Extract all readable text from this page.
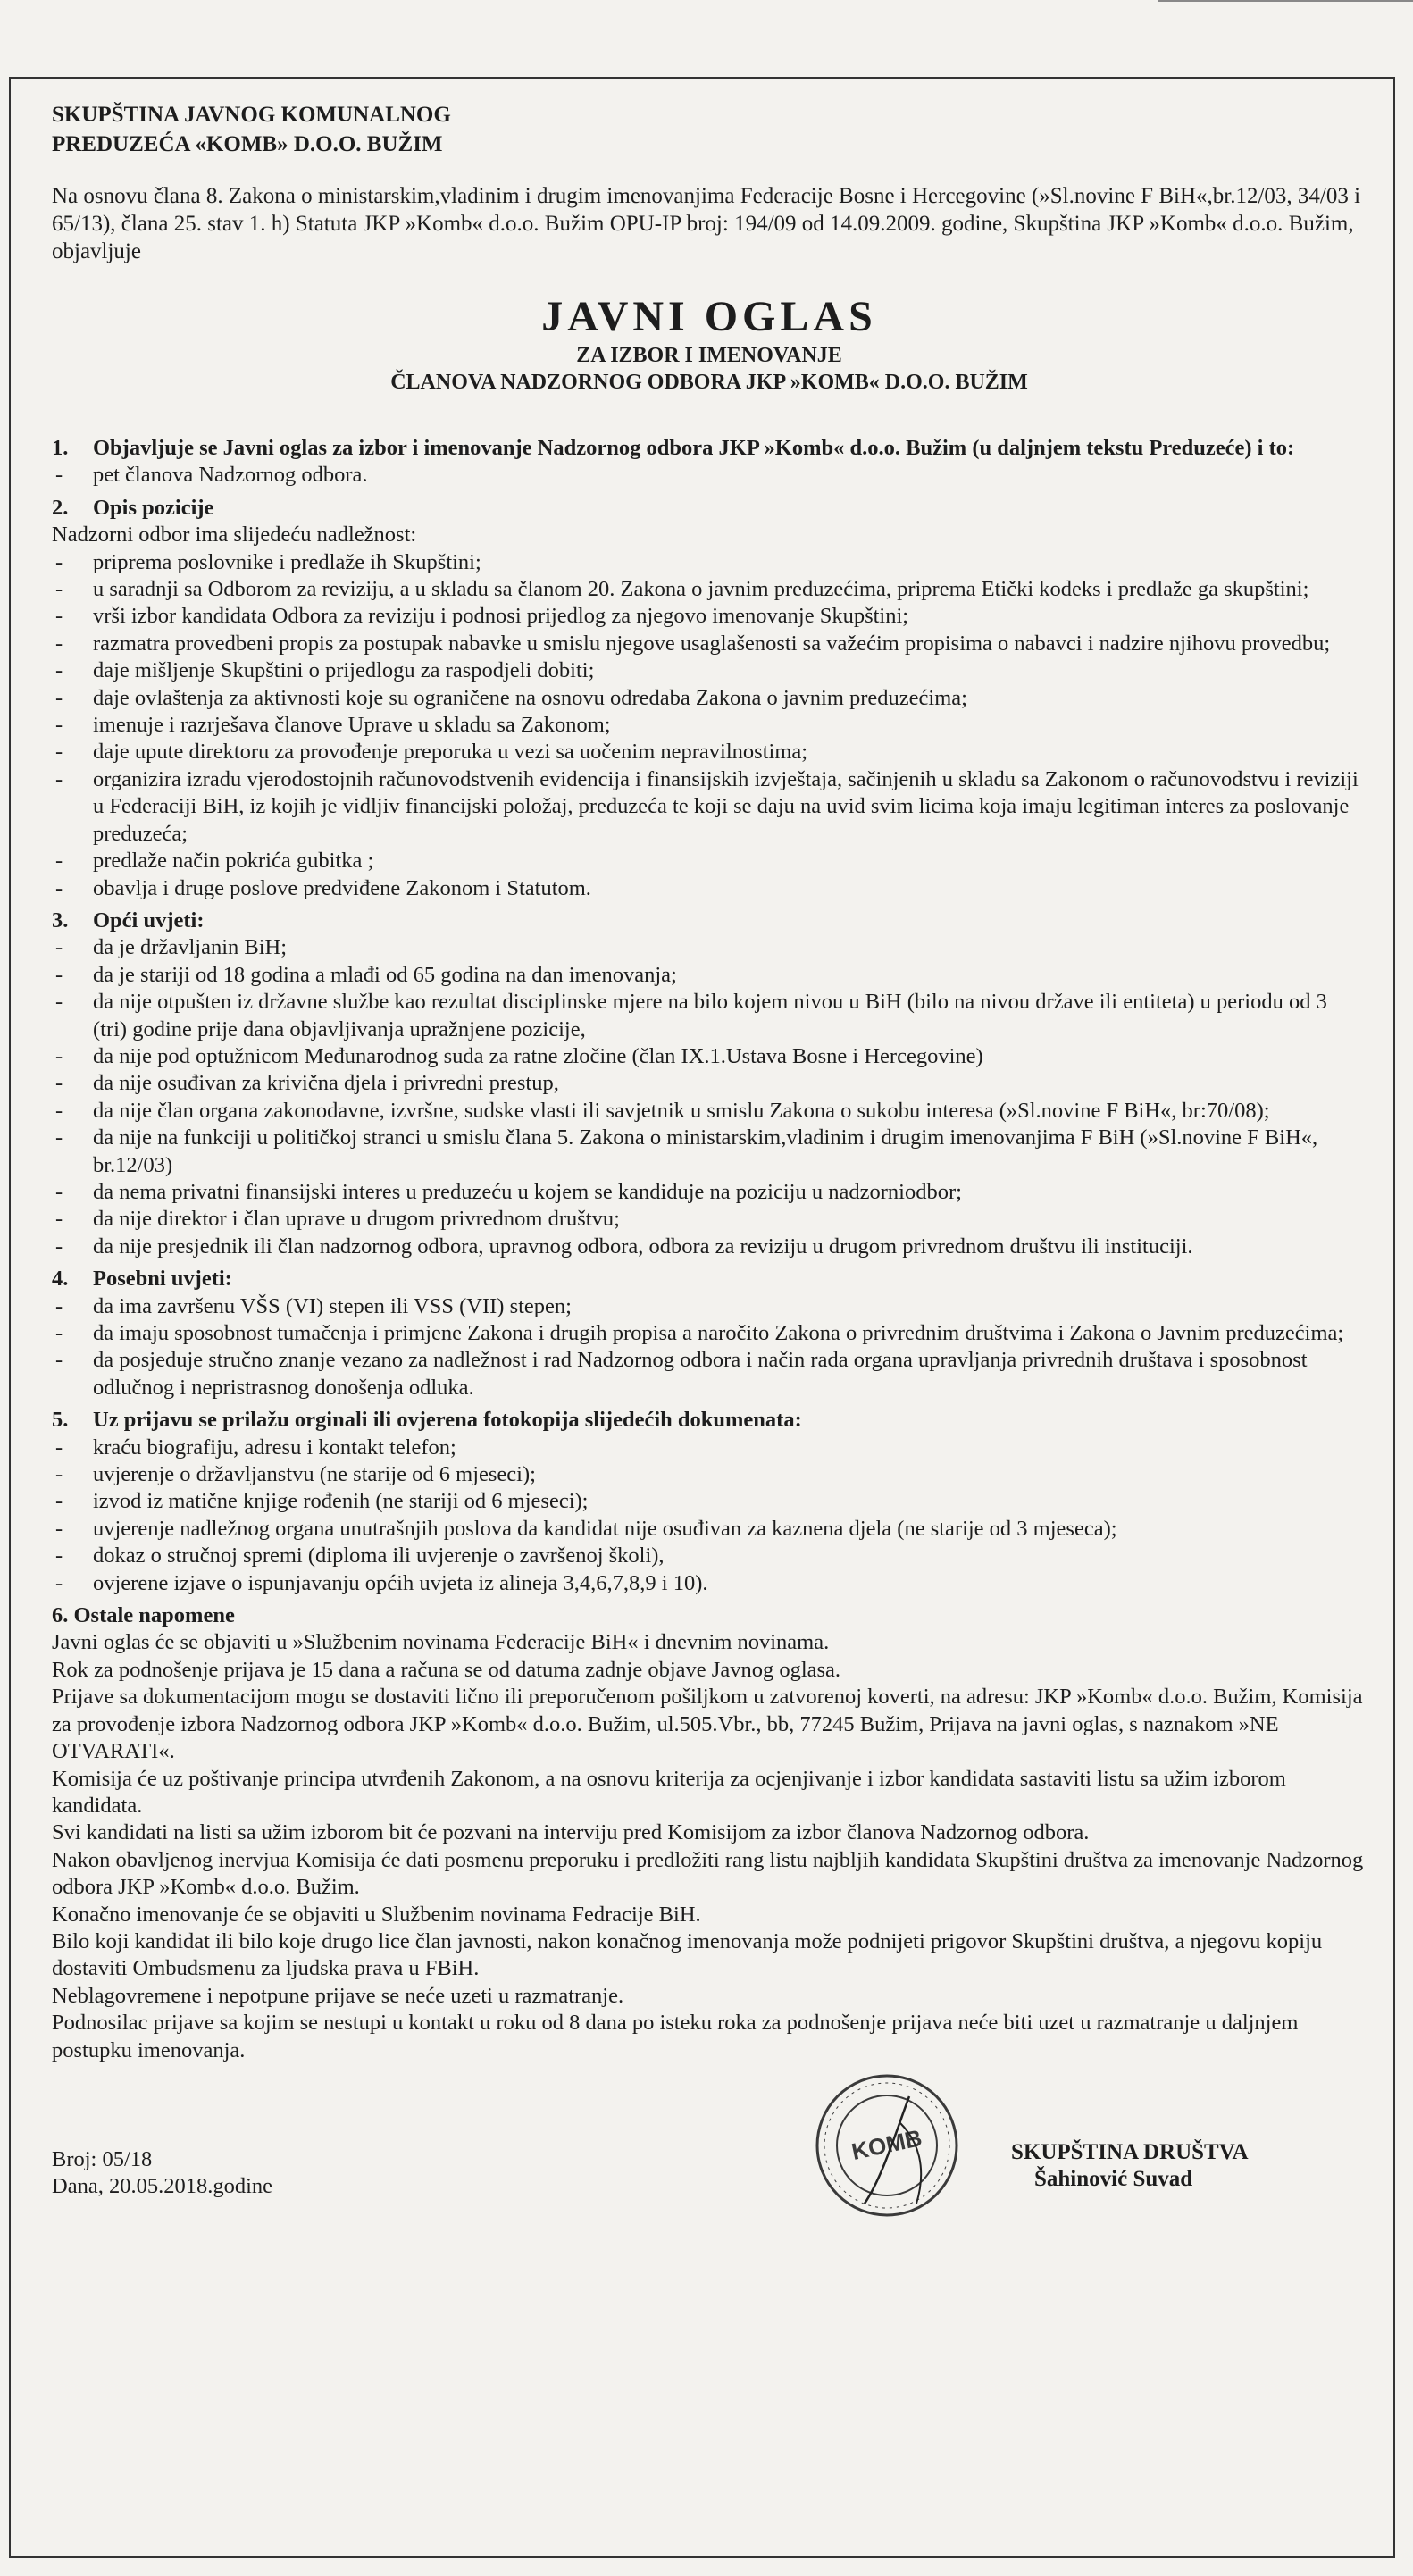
SKUPŠTINA JAVNOG KOMUNALNOG

PREDUZEĆA «KOMB» D.O.O. BUŽIM

Na osnovu člana 8. Zakona o ministarskim,vladinim i drugim imenovanjima Federacije Bosne i Hercegovine (»Sl.novine F BiH«,br.12/03, 34/03 i 65/13), člana 25. stav 1. h) Statuta JKP »Komb« d.o.o. Bužim OPU-IP broj: 194/09 od 14.09.2009. godine, Skupština JKP »Komb« d.o.o. Bužim, objavljuje

JAVNI OGLAS

ZA IZBOR I IMENOVANJE

ČLANOVA NADZORNOG ODBORA JKP »KOMB« D.O.O. BUŽIM

1.	Objavljuje se Javni oglas za izbor i imenovanje Nadzornog odbora JKP »Komb« d.o.o. Bužim (u daljnjem tekstu Preduzeće) i to:
-	pet članova Nadzornog odbora.
2.	Opis pozicije

Nadzorni odbor ima slijedeću nadležnost:

-	priprema poslovnike i predlaže ih Skupštini;
-	u saradnji sa Odborom za reviziju, a u skladu sa članom 20. Zakona o javnim preduzećima, priprema Etički kodeks i predlaže ga skupštini;
-	vrši izbor kandidata Odbora za reviziju i podnosi prijedlog za njegovo imenovanje Skupštini;
-	razmatra provedbeni propis za postupak nabavke u smislu njegove usaglašenosti sa važećim propisima o nabavci i nadzire njihovu provedbu;
-	daje mišljenje Skupštini o prijedlogu za raspodjeli dobiti;
-	daje ovlaštenja za aktivnosti koje su ograničene na osnovu odredaba Zakona o javnim preduzećima;
-	imenuje i razrješava članove Uprave u skladu sa Zakonom;
-	daje upute direktoru za provođenje preporuka u vezi sa uočenim nepravilnostima;
-	organizira izradu vjerodostojnih računovodstvenih evidencija i finansijskih izvještaja, sačinjenih u skladu sa Zakonom o računovodstvu i reviziji u Federaciji BiH, iz kojih je vidljiv financijski položaj, preduzeća te koji se daju na uvid svim licima koja imaju legitiman interes za poslovanje preduzeća;
-	predlaže način pokrića gubitka ;
-	obavlja i druge poslove predviđene Zakonom i Statutom.
3.	Opći uvjeti:
-	da je državljanin BiH;
-	da je stariji od 18 godina a mlađi od 65 godina na dan imenovanja;
-	da nije otpušten iz državne službe kao rezultat disciplinske mjere na bilo kojem nivou u BiH (bilo na nivou države ili entiteta) u periodu od 3 (tri) godine prije dana objavljivanja upražnjene pozicije,
-	da nije pod optužnicom Međunarodnog suda za ratne zločine (član IX.1.Ustava Bosne i Hercegovine)
-	da nije osuđivan za krivična djela i privredni prestup,
-	da nije član organa zakonodavne, izvršne, sudske vlasti ili savjetnik u smislu Zakona o sukobu interesa (»Sl.novine F BiH«, br:70/08);
-	da nije na funkciji u političkoj stranci u smislu člana 5. Zakona o ministarskim,vladinim i drugim imenovanjima F BiH (»Sl.novine F BiH«, br.12/03)
-	da nema privatni finansijski interes u preduzeću u kojem se kandiduje na poziciju u nadzorniodbor;
-	da nije direktor i član uprave u drugom privrednom društvu;
-	da nije presjednik ili član nadzornog odbora, upravnog odbora, odbora za reviziju u drugom privrednom društvu ili instituciji.
4.	Posebni uvjeti:
-	da ima završenu VŠS (VI) stepen ili VSS (VII) stepen;
-	da imaju sposobnost tumačenja i primjene Zakona i drugih propisa a naročito Zakona o privrednim društvima i Zakona o Javnim preduzećima;
-	da posjeduje stručno znanje vezano za nadležnost i rad Nadzornog odbora i način rada organa upravljanja privrednih društava i sposobnost odlučnog i nepristrasnog donošenja odluka.
5.	Uz prijavu se prilažu orginali ili ovjerena fotokopija slijedećih dokumenata:
-	kraću biografiju, adresu i kontakt telefon;
-	uvjerenje o državljanstvu (ne starije od 6 mjeseci);
-	izvod iz matične knjige rođenih (ne stariji od 6 mjeseci);
-	uvjerenje nadležnog organa unutrašnjih poslova da kandidat nije osuđivan za kaznena djela (ne starije od 3 mjeseca);
-	dokaz o stručnoj spremi (diploma ili uvjerenje o završenoj školi),
-	ovjerene izjave o ispunjavanju općih uvjeta iz alineja 3,4,6,7,8,9 i 10).
6. Ostale napomene

Javni oglas će se objaviti u »Službenim novinama Federacije BiH« i dnevnim novinama.

Rok za podnošenje prijava je 15 dana a računa se od datuma zadnje objave Javnog oglasa.

Prijave sa dokumentacijom mogu se dostaviti lično ili preporučenom pošiljkom u zatvorenoj koverti, na adresu: JKP »Komb« d.o.o. Bužim, Komisija za provođenje izbora Nadzornog odbora JKP »Komb« d.o.o. Bužim, ul.505.Vbr., bb, 77245 Bužim, Prijava na javni oglas, s naznakom »NE OTVARATI«.

Komisija će uz poštivanje principa utvrđenih Zakonom, a na osnovu kriterija za ocjenjivanje i izbor kandidata sastaviti listu sa užim izborom kandidata.

Svi kandidati na listi sa užim izborom bit će pozvani na interviju pred Komisijom za izbor članova Nadzornog odbora.

Nakon obavljenog inervjua Komisija će dati posmenu preporuku i predložiti rang listu najbljih kandidata Skupštini društva za imenovanje Nadzornog odbora JKP »Komb« d.o.o. Bužim.

Konačno imenovanje će se objaviti u Službenim novinama Fedracije BiH.

Bilo koji kandidat ili bilo koje drugo lice član javnosti, nakon konačnog imenovanja može podnijeti prigovor Skupštini društva, a njegovu kopiju dostaviti Ombudsmenu za ljudska prava u FBiH.

Neblagovremene i nepotpune prijave se neće uzeti u razmatranje.

Podnosilac prijave sa kojim se nestupi u kontakt u roku od 8 dana po isteku roka za podnošenje prijava neće biti uzet u razmatranje u daljnjem postupku imenovanja.

Broj: 05/18
Dana, 20.05.2018.godine
KOMB	SKUPŠTINA DRUŠTVA
Šahinović Suvad
